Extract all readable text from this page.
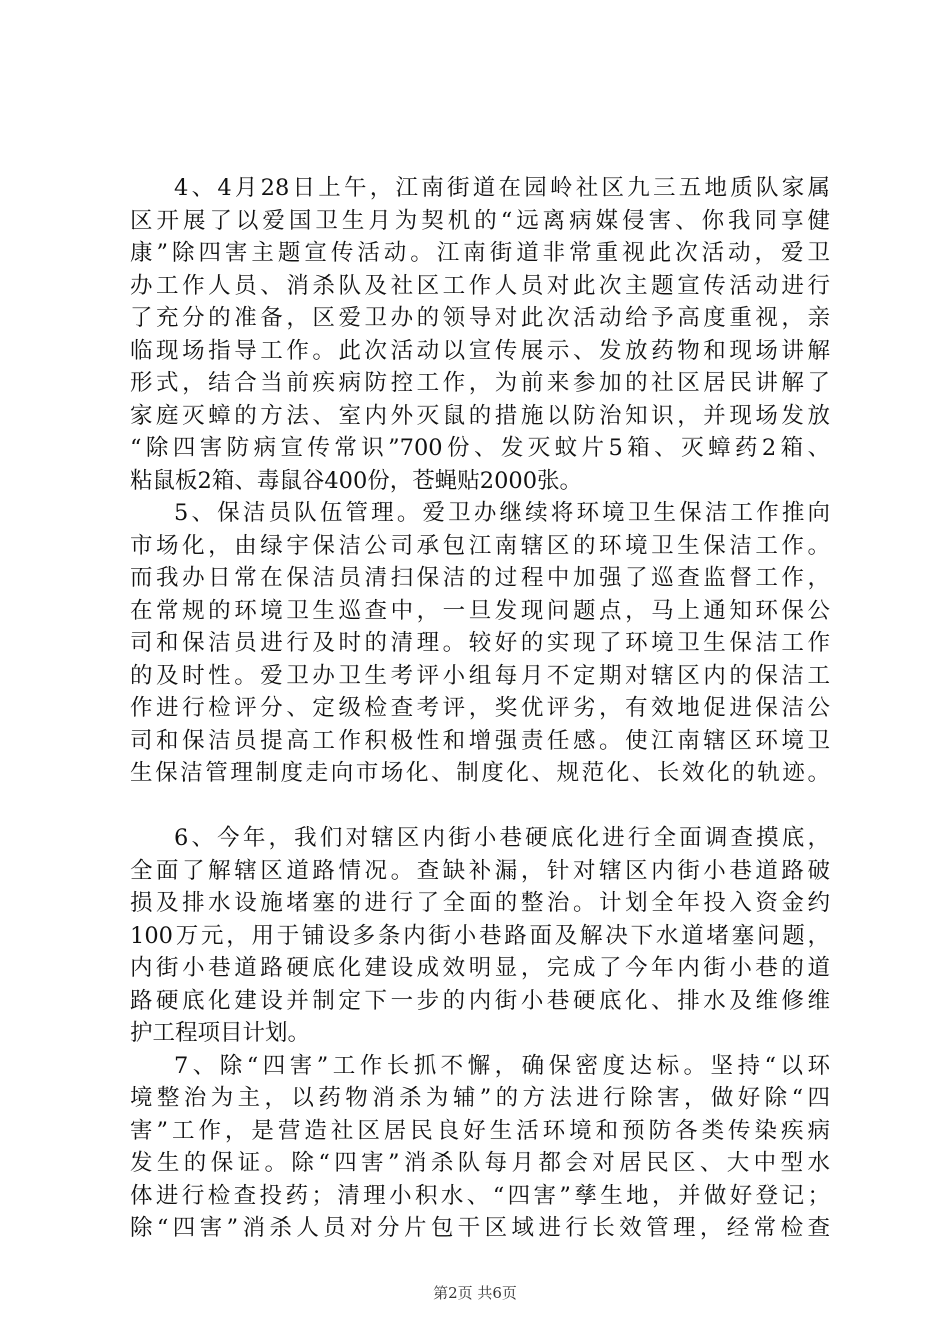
4、4月28日上午，江南街道在园岭社区九三五地质队家属
区开展了以爱国卫生月为契机的“远离病媒侵害、你我同享健
康”除四害主题宣传活动。江南街道非常重视此次活动，爱卫
办工作人员、消杀队及社区工作人员对此次主题宣传活动进行
了充分的准备，区爱卫办的领导对此次活动给予高度重视，亲
临现场指导工作。此次活动以宣传展示、发放药物和现场讲解
形式，结合当前疾病防控工作，为前来参加的社区居民讲解了
家庭灭蟑的方法、室内外灭鼠的措施以防治知识，并现场发放
“除四害防病宣传常识”700份、发灭蚊片5箱、灭蟑药2箱、
粘鼠板2箱、毒鼠谷400份，苍蝇贴2000张。
5、保洁员队伍管理。爱卫办继续将环境卫生保洁工作推向
市场化，由绿宇保洁公司承包江南辖区的环境卫生保洁工作。
而我办日常在保洁员清扫保洁的过程中加强了巡查监督工作，
在常规的环境卫生巡查中，一旦发现问题点，马上通知环保公
司和保洁员进行及时的清理。较好的实现了环境卫生保洁工作
的及时性。爱卫办卫生考评小组每月不定期对辖区内的保洁工
作进行检评分、定级检查考评，奖优评劣，有效地促进保洁公
司和保洁员提高工作积极性和增强责任感。使江南辖区环境卫
生保洁管理制度走向市场化、制度化、规范化、长效化的轨迹。
6、今年，我们对辖区内街小巷硬底化进行全面调查摸底，
全面了解辖区道路情况。查缺补漏，针对辖区内街小巷道路破
损及排水设施堵塞的进行了全面的整治。计划全年投入资金约
100万元，用于铺设多条内街小巷路面及解决下水道堵塞问题，
内街小巷道路硬底化建设成效明显，完成了今年内街小巷的道
路硬底化建设并制定下一步的内街小巷硬底化、排水及维修维
护工程项目计划。
7、除“四害”工作长抓不懈，确保密度达标。坚持“以环
境整治为主，以药物消杀为辅”的方法进行除害，做好除“四
害”工作，是营造社区居民良好生活环境和预防各类传染疾病
发生的保证。除“四害”消杀队每月都会对居民区、大中型水
体进行检查投药；清理小积水、“四害”孳生地，并做好登记；
除“四害”消杀人员对分片包干区域进行长效管理，经常检查
第2页 共6页
